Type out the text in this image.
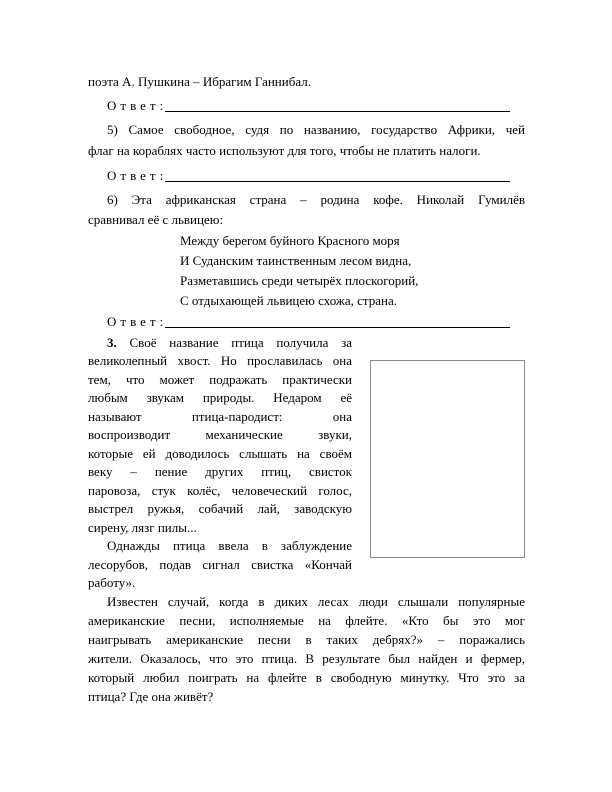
поэта А. Пушкина – Ибрагим Ганнибал.
Ответ:
5) Самое свободное, судя по названию, государство Африки, чей
флаг на кораблях часто используют для того, чтобы не платить налоги.
Ответ:
6) Эта африканская страна – родина кофе. Николай Гумилёв
сравнивал её с львицею:
Между берегом буйного Красного моря
И Суданским таинственным лесом видна,
Разметавшись среди четырёх плоскогорий,
С отдыхающей львицею схожа, страна.
Ответ:
3. Своё название птица получила за
великолепный хвост. Но прославилась она
тем, что может подражать практически
любым звукам природы. Недаром её
называют птица-пародист: она
воспроизводит механические звуки,
которые ей доводилось слышать на своём
веку – пение других птиц, свисток
паровоза, стук колёс, человеческий голос,
выстрел ружья, собачий лай, заводскую
сирену, лязг пилы...
Однажды птица ввела в заблуждение
лесорубов, подав сигнал свистка «Кончай
работу».
Известен случай, когда в диких лесах люди слышали популярные
американские песни, исполняемые на флейте. «Кто бы это мог
наигрывать американские песни в таких дебрях?» – поражались
жители. Оказалось, что это птица. В результате был найден и фермер,
который любил поиграть на флейте в свободную минутку. Что это за
птица? Где она живёт?
